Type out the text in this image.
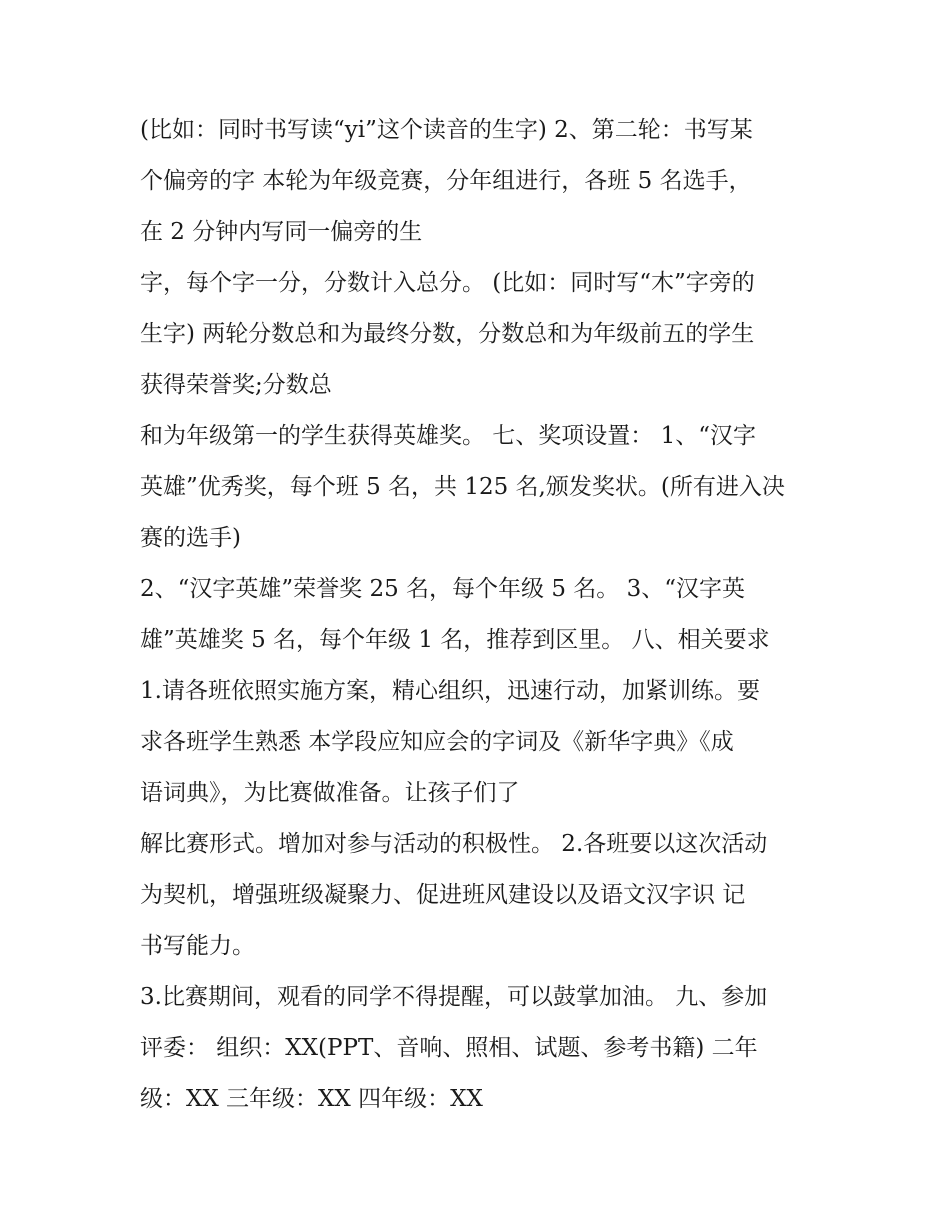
(比如：同时书写读“yi”这个读音的生字) 2、第二轮：书写某
个偏旁的字 本轮为年级竞赛，分年组进行，各班 5 名选手，
在 2 分钟内写同一偏旁的生
字，每个字一分，分数计入总分。 (比如：同时写“木”字旁的
生字) 两轮分数总和为最终分数，分数总和为年级前五的学生
获得荣誉奖;分数总
和为年级第一的学生获得英雄奖。 七、奖项设置： 1、“汉字
英雄”优秀奖，每个班 5 名，共 125 名,颁发奖状。(所有进入决
赛的选手)
2、“汉字英雄”荣誉奖 25 名，每个年级 5 名。 3、“汉字英
雄”英雄奖 5 名，每个年级 1 名，推荐到区里。 八、相关要求
1.请各班依照实施方案，精心组织，迅速行动，加紧训练。要
求各班学生熟悉 本学段应知应会的字词及《新华字典》《成
语词典》，为比赛做准备。让孩子们了
解比赛形式。增加对参与活动的积极性。 2.各班要以这次活动
为契机，增强班级凝聚力、促进班风建设以及语文汉字识 记
书写能力。
3.比赛期间，观看的同学不得提醒，可以鼓掌加油。 九、参加
评委： 组织：XX(PPT、音响、照相、试题、参考书籍) 二年
级：XX 三年级：XX 四年级：XX
